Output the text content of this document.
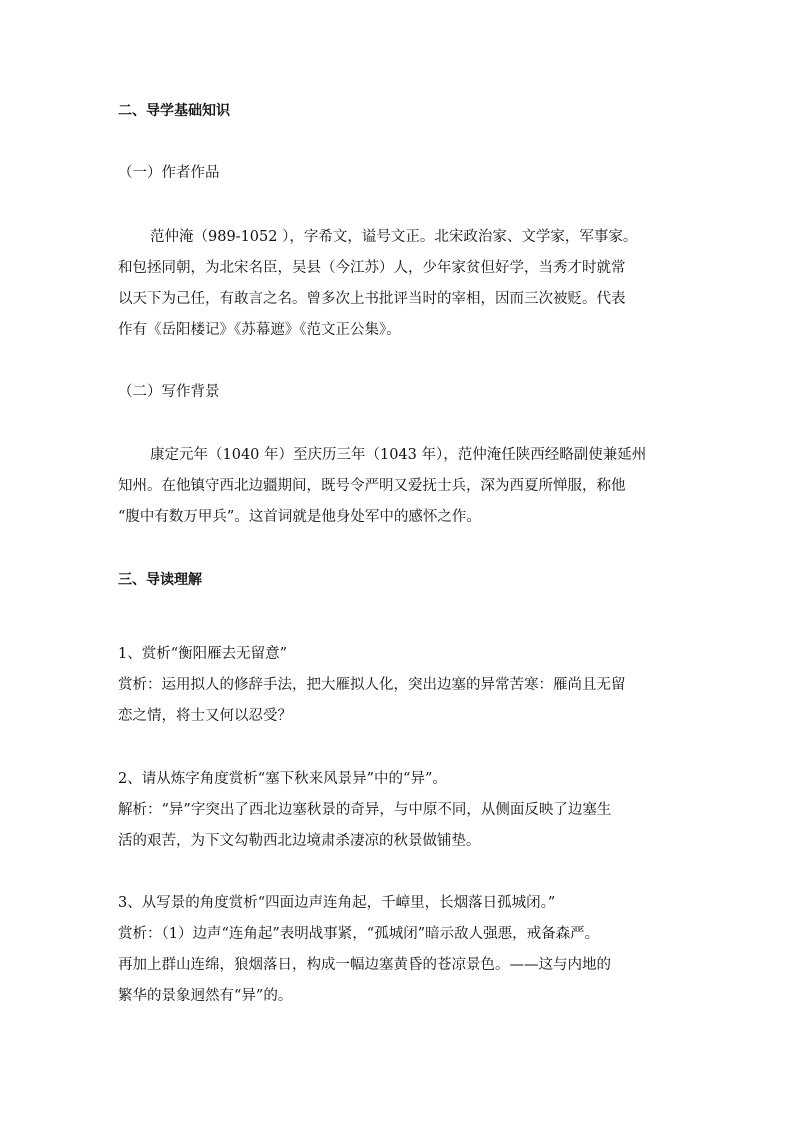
二、导学基础知识
（一）作者作品
范仲淹（989-1052 ），字希文，谥号文正。北宋政治家、文学家，军事家。
和包拯同朝，为北宋名臣，吴县（今江苏）人，少年家贫但好学，当秀才时就常
以天下为己任，有敢言之名。曾多次上书批评当时的宰相，因而三次被贬。代表
作有《岳阳楼记》《苏幕遮》《范文正公集》。
（二）写作背景
康定元年（1040 年）至庆历三年（1043 年），范仲淹任陕西经略副使兼延州
知州。在他镇守西北边疆期间，既号令严明又爱抚士兵，深为西夏所惮服，称他
“腹中有数万甲兵”。这首词就是他身处军中的感怀之作。
三、导读理解
1、赏析“衡阳雁去无留意”
赏析：运用拟人的修辞手法，把大雁拟人化，突出边塞的异常苦寒：雁尚且无留
恋之情，将士又何以忍受？
2、请从炼字角度赏析“塞下秋来风景异”中的“异”。
解析：“异”字突出了西北边塞秋景的奇异，与中原不同，从侧面反映了边塞生
活的艰苦，为下文勾勒西北边境肃杀凄凉的秋景做铺垫。
3、从写景的角度赏析“四面边声连角起，千嶂里，长烟落日孤城闭。”
赏析：（1）边声“连角起”表明战事紧，“孤城闭”暗示敌人强悪，戒备森严。
再加上群山连绵，狼烟落日，构成一幅边塞黄昏的苍凉景色。——这与内地的
繁华的景象迥然有“异”的。
